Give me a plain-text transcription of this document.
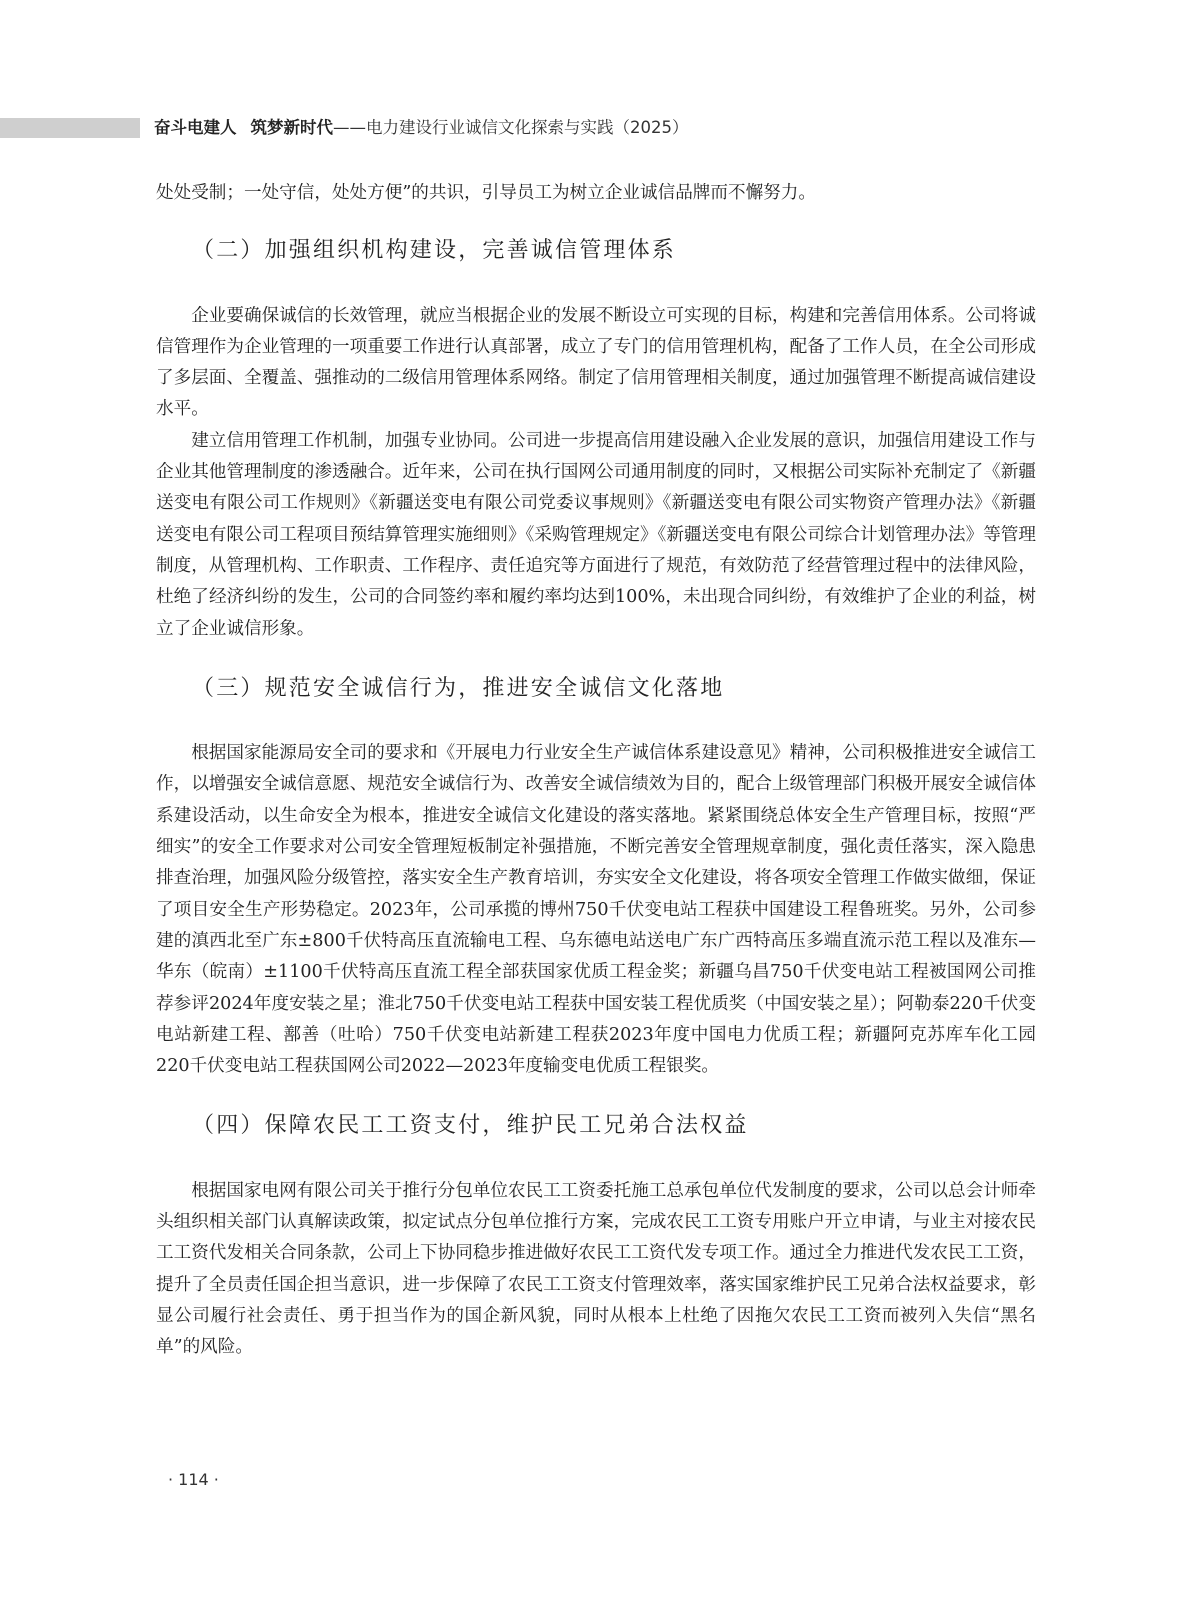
奋斗电建人 筑梦新时代——电力建设行业诚信文化探索与实践（2025）

处处受制；一处守信，处处方便”的共识，引导员工为树立企业诚信品牌而不懈努力。

（二）加强组织机构建设，完善诚信管理体系

企业要确保诚信的长效管理，就应当根据企业的发展不断设立可实现的目标，构建和完善信用体系。公司将诚信管理作为企业管理的一项重要工作进行认真部署，成立了专门的信用管理机构，配备了工作人员，在全公司形成了多层面、全覆盖、强推动的二级信用管理体系网络。制定了信用管理相关制度，通过加强管理不断提高诚信建设水平。

建立信用管理工作机制，加强专业协同。公司进一步提高信用建设融入企业发展的意识，加强信用建设工作与企业其他管理制度的渗透融合。近年来，公司在执行国网公司通用制度的同时，又根据公司实际补充制定了《新疆送变电有限公司工作规则》《新疆送变电有限公司党委议事规则》《新疆送变电有限公司实物资产管理办法》《新疆送变电有限公司工程项目预结算管理实施细则》《采购管理规定》《新疆送变电有限公司综合计划管理办法》等管理制度，从管理机构、工作职责、工作程序、责任追究等方面进行了规范，有效防范了经营管理过程中的法律风险，杜绝了经济纠纷的发生，公司的合同签约率和履约率均达到100%，未出现合同纠纷，有效维护了企业的利益，树立了企业诚信形象。

（三）规范安全诚信行为，推进安全诚信文化落地

根据国家能源局安全司的要求和《开展电力行业安全生产诚信体系建设意见》精神，公司积极推进安全诚信工作，以增强安全诚信意愿、规范安全诚信行为、改善安全诚信绩效为目的，配合上级管理部门积极开展安全诚信体系建设活动，以生命安全为根本，推进安全诚信文化建设的落实落地。紧紧围绕总体安全生产管理目标，按照“严细实”的安全工作要求对公司安全管理短板制定补强措施，不断完善安全管理规章制度，强化责任落实，深入隐患排查治理，加强风险分级管控，落实安全生产教育培训，夯实安全文化建设，将各项安全管理工作做实做细，保证了项目安全生产形势稳定。2023年，公司承揽的博州750千伏变电站工程获中国建设工程鲁班奖。另外，公司参建的滇西北至广东±800千伏特高压直流输电工程、乌东德电站送电广东广西特高压多端直流示范工程以及准东—华东（皖南）±1100千伏特高压直流工程全部获国家优质工程金奖；新疆乌昌750千伏变电站工程被国网公司推荐参评2024年度安装之星；淮北750千伏变电站工程获中国安装工程优质奖（中国安装之星）；阿勒泰220千伏变电站新建工程、鄯善（吐哈）750千伏变电站新建工程获2023年度中国电力优质工程；新疆阿克苏库车化工园220千伏变电站工程获国网公司2022—2023年度输变电优质工程银奖。

（四）保障农民工工资支付，维护民工兄弟合法权益

根据国家电网有限公司关于推行分包单位农民工工资委托施工总承包单位代发制度的要求，公司以总会计师牵头组织相关部门认真解读政策，拟定试点分包单位推行方案，完成农民工工资专用账户开立申请，与业主对接农民工工资代发相关合同条款，公司上下协同稳步推进做好农民工工资代发专项工作。通过全力推进代发农民工工资，提升了全员责任国企担当意识，进一步保障了农民工工资支付管理效率，落实国家维护民工兄弟合法权益要求，彰显公司履行社会责任、勇于担当作为的国企新风貌，同时从根本上杜绝了因拖欠农民工工资而被列入失信“黑名单”的风险。

· 114 ·
